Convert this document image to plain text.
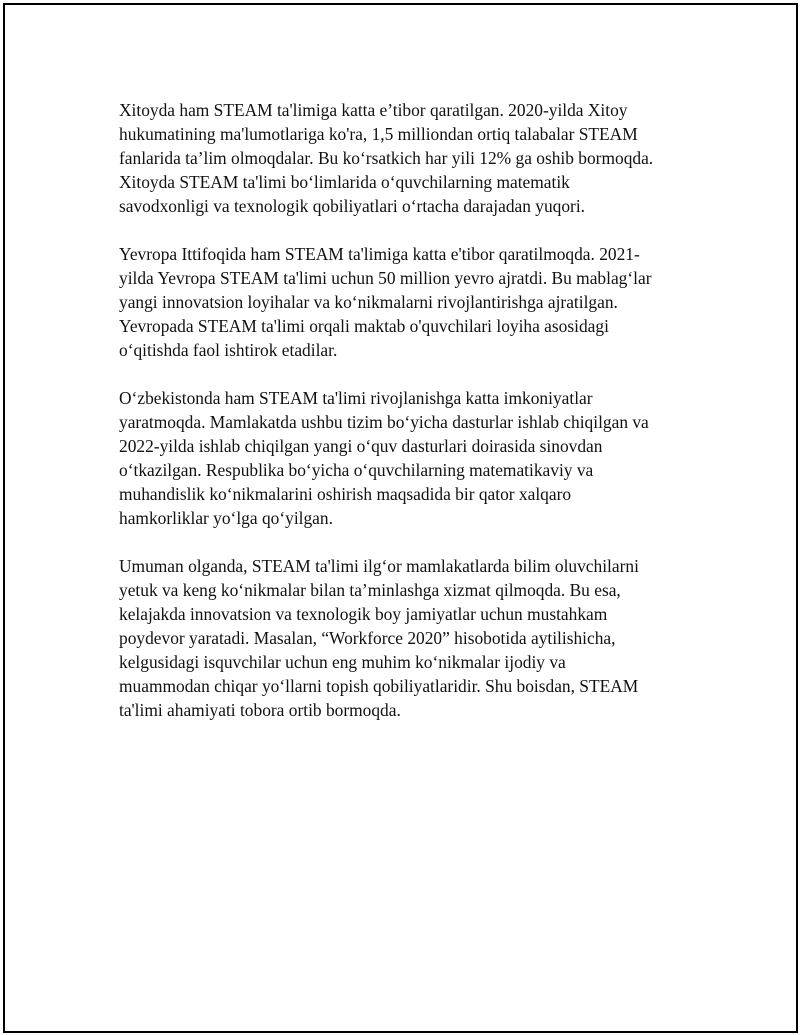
Xitoyda ham STEAM ta'limiga katta e’tibor qaratilgan. 2020-yilda Xitoy
hukumatining ma'lumotlariga ko'ra, 1,5 milliondan ortiq talabalar STEAM
fanlarida ta’lim olmoqdalar. Bu ko‘rsatkich har yili 12% ga oshib bormoqda.
Xitoyda STEAM ta'limi bo‘limlarida o‘quvchilarning matematik
savodxonligi va texnologik qobiliyatlari o‘rtacha darajadan yuqori.

Yevropa Ittifoqida ham STEAM ta'limiga katta e'tibor qaratilmoqda. 2021-
yilda Yevropa STEAM ta'limi uchun 50 million yevro ajratdi. Bu mablag‘lar
yangi innovatsion loyihalar va ko‘nikmalarni rivojlantirishga ajratilgan.
Yevropada STEAM ta'limi orqali maktab o'quvchilari loyiha asosidagi
o‘qitishda faol ishtirok etadilar.

O‘zbekistonda ham STEAM ta'limi rivojlanishga katta imkoniyatlar
yaratmoqda. Mamlakatda ushbu tizim bo‘yicha dasturlar ishlab chiqilgan va
2022-yilda ishlab chiqilgan yangi o‘quv dasturlari doirasida sinovdan
o‘tkazilgan. Respublika bo‘yicha o‘quvchilarning matematikaviy va
muhandislik ko‘nikmalarini oshirish maqsadida bir qator xalqaro
hamkorliklar yo‘lga qo‘yilgan.

Umuman olganda, STEAM ta'limi ilg‘or mamlakatlarda bilim oluvchilarni
yetuk va keng ko‘nikmalar bilan ta’minlashga xizmat qilmoqda. Bu esa,
kelajakda innovatsion va texnologik boy jamiyatlar uchun mustahkam
poydevor yaratadi. Masalan, “Workforce 2020” hisobotida aytilishicha,
kelgusidagi isquvchilar uchun eng muhim ko‘nikmalar ijodiy va
muammodan chiqar yo‘llarni topish qobiliyatlaridir. Shu boisdan, STEAM
ta'limi ahamiyati tobora ortib bormoqda.
